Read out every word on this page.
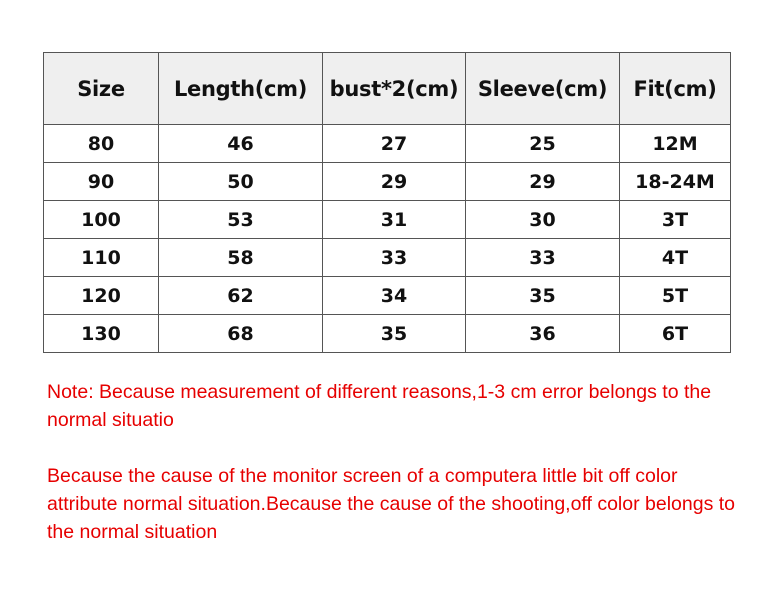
Size	Length(cm)	bust*2(cm)	Sleeve(cm)	Fit(cm)
80	46	27	25	12M
90	50	29	29	18-24M
100	53	31	30	3T
110	58	33	33	4T
120	62	34	35	5T
130	68	35	36	6T

Note: Because measurement of different reasons,1-3 cm error belongs to the normal situatio

Because the cause of the monitor screen of a computera little bit off color attribute normal situation.Because the cause of the shooting,off color belongs to the normal situation
